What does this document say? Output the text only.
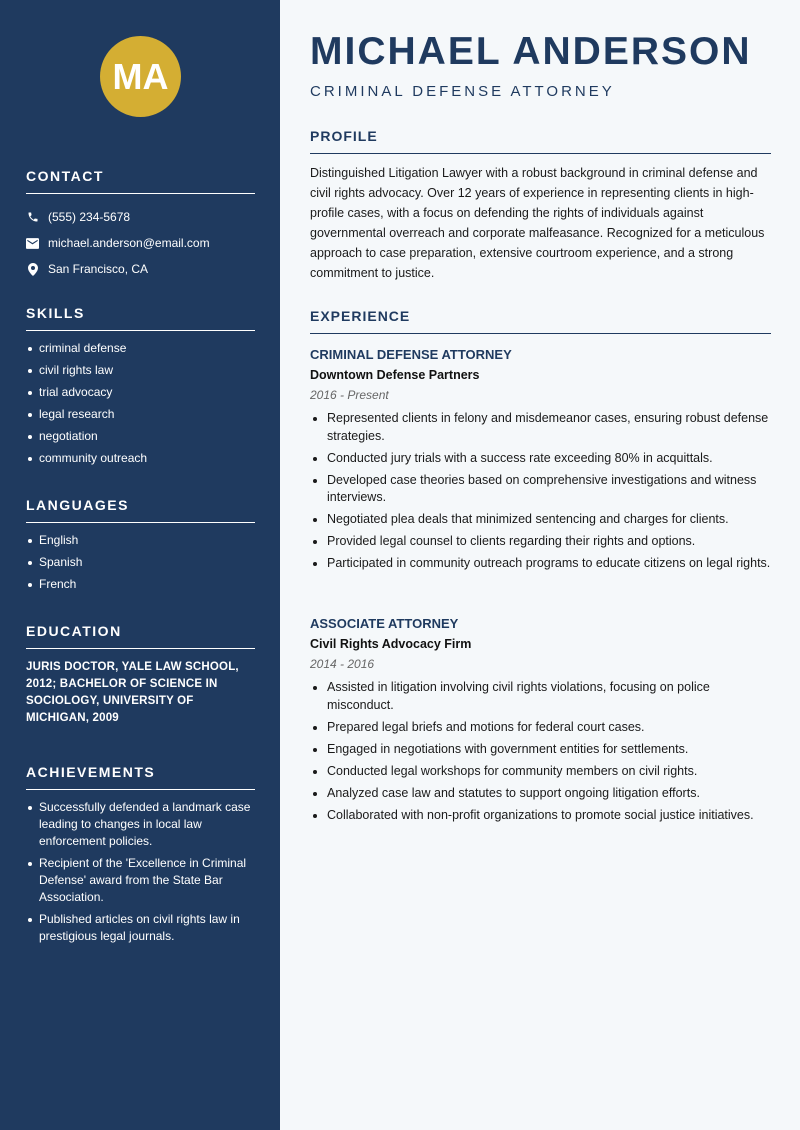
MA
CONTACT
(555) 234-5678
michael.anderson@email.com
San Francisco, CA
SKILLS
criminal defense
civil rights law
trial advocacy
legal research
negotiation
community outreach
LANGUAGES
English
Spanish
French
EDUCATION

JURIS DOCTOR, YALE LAW SCHOOL, 2012; BACHELOR OF SCIENCE IN SOCIOLOGY, UNIVERSITY OF MICHIGAN, 2009

ACHIEVEMENTS
Successfully defended a landmark case leading to changes in local law enforcement policies.
Recipient of the 'Excellence in Criminal Defense' award from the State Bar Association.
Published articles on civil rights law in prestigious legal journals.
MICHAEL ANDERSON
CRIMINAL DEFENSE ATTORNEY
PROFILE

Distinguished Litigation Lawyer with a robust background in criminal defense and civil rights advocacy. Over 12 years of experience in representing clients in high-profile cases, with a focus on defending the rights of individuals against governmental overreach and corporate malfeasance. Recognized for a meticulous approach to case preparation, extensive courtroom experience, and a strong commitment to justice.

EXPERIENCE
CRIMINAL DEFENSE ATTORNEY
Downtown Defense Partners
2016 - Present
Represented clients in felony and misdemeanor cases, ensuring robust defense strategies.
Conducted jury trials with a success rate exceeding 80% in acquittals.
Developed case theories based on comprehensive investigations and witness interviews.
Negotiated plea deals that minimized sentencing and charges for clients.
Provided legal counsel to clients regarding their rights and options.
Participated in community outreach programs to educate citizens on legal rights.
ASSOCIATE ATTORNEY
Civil Rights Advocacy Firm
2014 - 2016
Assisted in litigation involving civil rights violations, focusing on police misconduct.
Prepared legal briefs and motions for federal court cases.
Engaged in negotiations with government entities for settlements.
Conducted legal workshops for community members on civil rights.
Analyzed case law and statutes to support ongoing litigation efforts.
Collaborated with non-profit organizations to promote social justice initiatives.
